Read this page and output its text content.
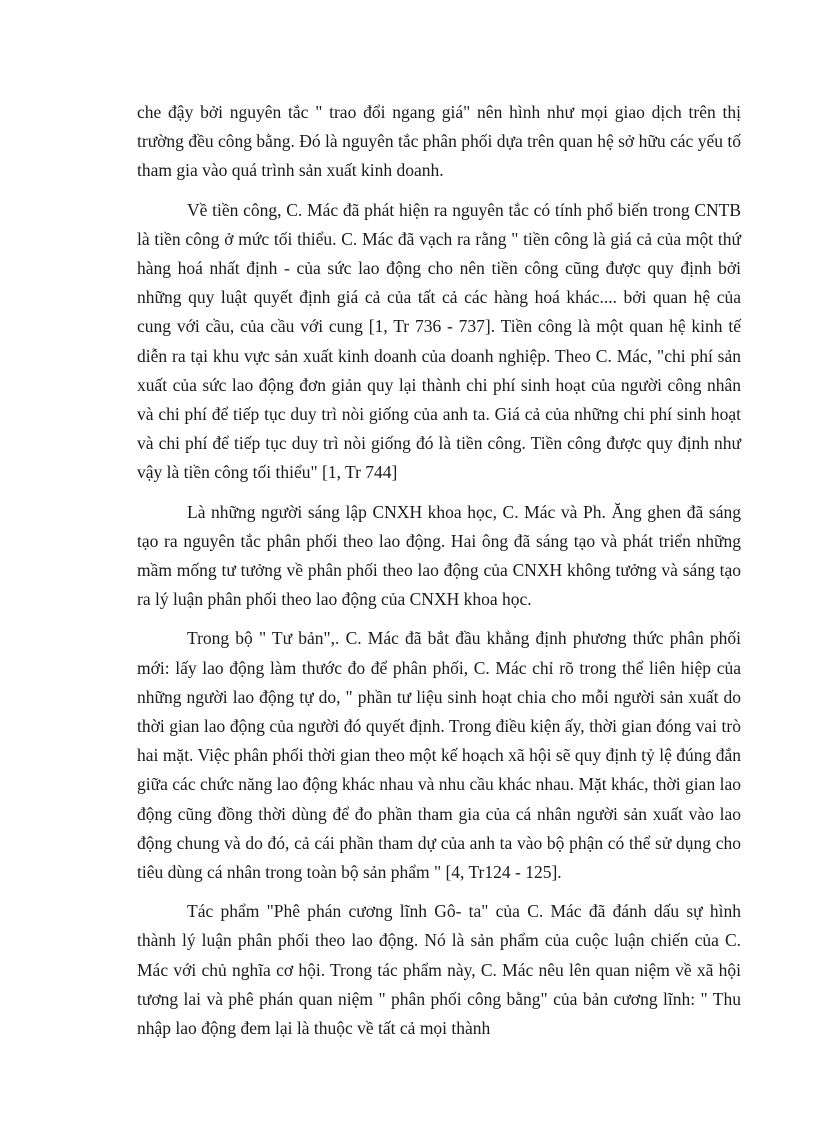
che đậy bởi nguyên tắc " trao đổi ngang giá" nên hình như mọi giao dịch trên thị trường đều công bằng. Đó là nguyên tắc phân phối dựa trên quan hệ sở hữu các yếu tố tham gia vào quá trình sản xuất kinh doanh.

Về tiền công, C. Mác đã phát hiện ra nguyên tắc có tính phổ biến trong CNTB là tiền công ở mức tối thiểu. C. Mác đã vạch ra rằng " tiền công là giá cả của một thứ hàng hoá nhất định - của sức lao động cho nên tiền công cũng được quy định bởi những quy luật quyết định giá cả của tất cả các hàng hoá khác.... bởi quan hệ của cung với cầu, của cầu với cung [1, Tr 736 - 737]. Tiền công là một quan hệ kinh tế diễn ra tại khu vực sản xuất kinh doanh của doanh nghiệp. Theo C. Mác, "chi phí sản xuất của sức lao động đơn giản quy lại thành chi phí sinh hoạt của người công nhân và chi phí để tiếp tục duy trì nòi giống của anh ta. Giá cả của những chi phí sinh hoạt và chi phí để tiếp tục duy trì nòi giống đó là tiền công. Tiền công được quy định như vậy là tiền công tối thiểu" [1, Tr 744]

Là những người sáng lập CNXH khoa học, C. Mác và Ph. Ăng ghen đã sáng tạo ra nguyên tắc phân phối theo lao động. Hai ông đã sáng tạo và phát triển những mầm mống tư tưởng về phân phối theo lao động của CNXH không tưởng và sáng tạo ra lý luận phân phối theo lao động của CNXH khoa học.

Trong bộ " Tư bản",. C. Mác đã bắt đầu khẳng định phương thức phân phối mới: lấy lao động làm thước đo để phân phối, C. Mác chỉ rõ trong thể liên hiệp của những người lao động tự do, " phần tư liệu sinh hoạt chia cho mỗi người sản xuất do thời gian lao động của người đó quyết định. Trong điều kiện ấy, thời gian đóng vai trò hai mặt. Việc phân phối thời gian theo một kế hoạch xã hội sẽ quy định tỷ lệ đúng đắn giữa các chức năng lao động khác nhau và nhu cầu khác nhau. Mặt khác, thời gian lao động cũng đồng thời dùng để đo phần tham gia của cá nhân người sản xuất vào lao động chung và do đó, cả cái phần tham dự của anh ta vào bộ phận có thể sử dụng cho tiêu dùng cá nhân trong toàn bộ sản phẩm " [4, Tr124 - 125].

Tác phẩm "Phê phán cương lĩnh Gô- ta" của C. Mác đã đánh dấu sự hình thành lý luận phân phối theo lao động. Nó là sản phẩm của cuộc luận chiến của C. Mác với chủ nghĩa cơ hội. Trong tác phẩm này, C. Mác nêu lên quan niệm về xã hội tương lai và phê phán quan niệm " phân phối công bằng" của bản cương lĩnh: " Thu nhập lao động đem lại là thuộc về tất cả mọi thành
